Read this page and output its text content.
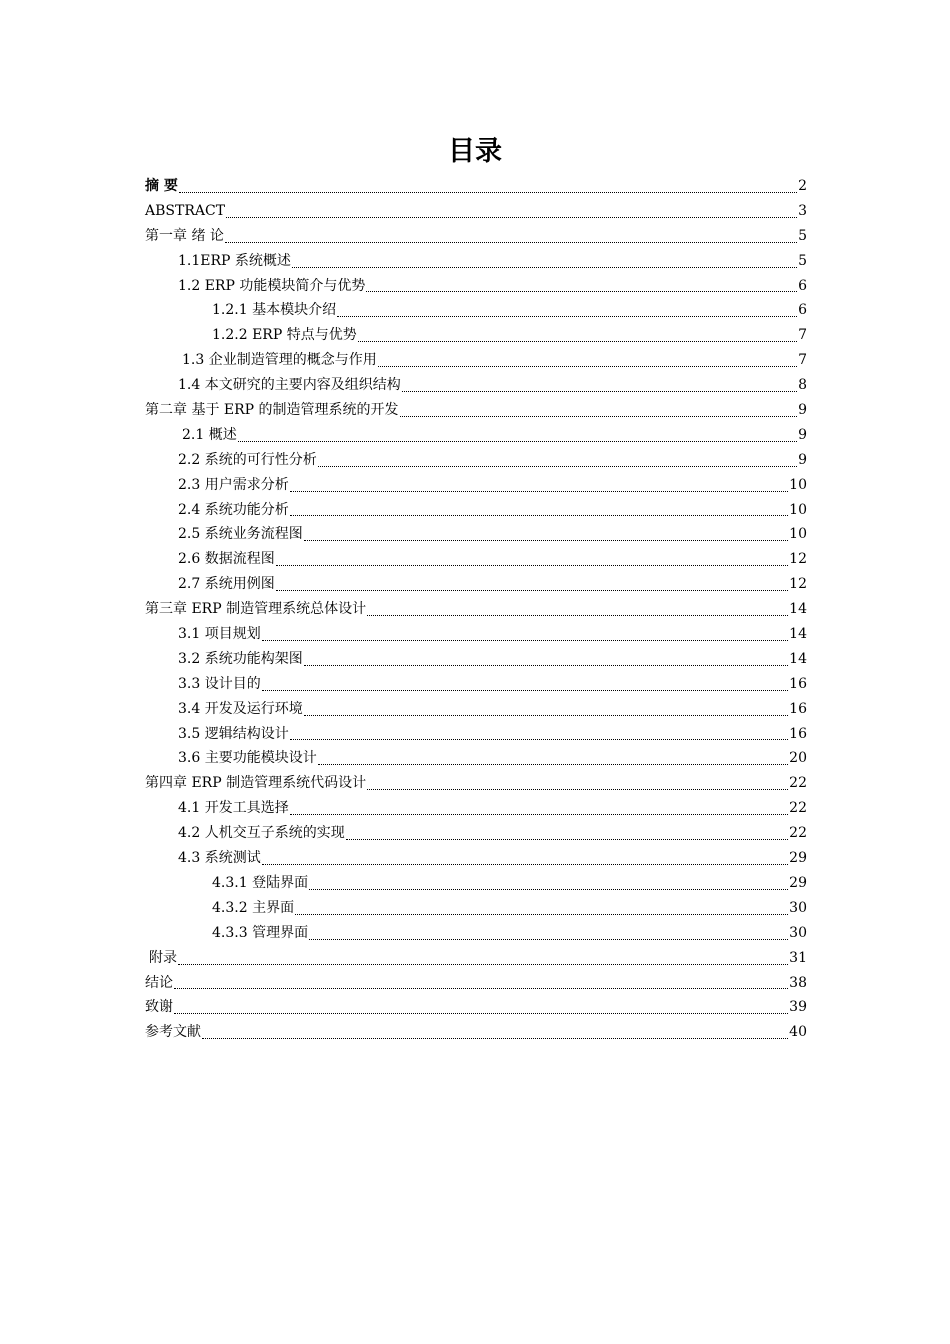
目录
摘 要	2
ABSTRACT	3
第一章 绪 论	5
1.1ERP 系统概述	5
1.2 ERP 功能模块简介与优势	6
1.2.1 基本模块介绍	6
1.2.2 ERP 特点与优势	7
1.3 企业制造管理的概念与作用	7
1.4 本文研究的主要内容及组织结构	8
第二章 基于 ERP 的制造管理系统的开发	9
2.1 概述	9
2.2 系统的可行性分析	9
2.3 用户需求分析	10
2.4 系统功能分析	10
2.5 系统业务流程图	10
2.6 数据流程图	12
2.7 系统用例图	12
第三章 ERP 制造管理系统总体设计	14
3.1 项目规划	14
3.2 系统功能构架图	14
3.3 设计目的	16
3.4 开发及运行环境	16
3.5 逻辑结构设计	16
3.6 主要功能模块设计	20
第四章 ERP 制造管理系统代码设计	22
4.1 开发工具选择	22
4.2 人机交互子系统的实现	22
4.3 系统测试	29
4.3.1 登陆界面	29
4.3.2 主界面	30
4.3.3 管理界面	30
附录	31
结论	38
致谢	39
参考文献	40
